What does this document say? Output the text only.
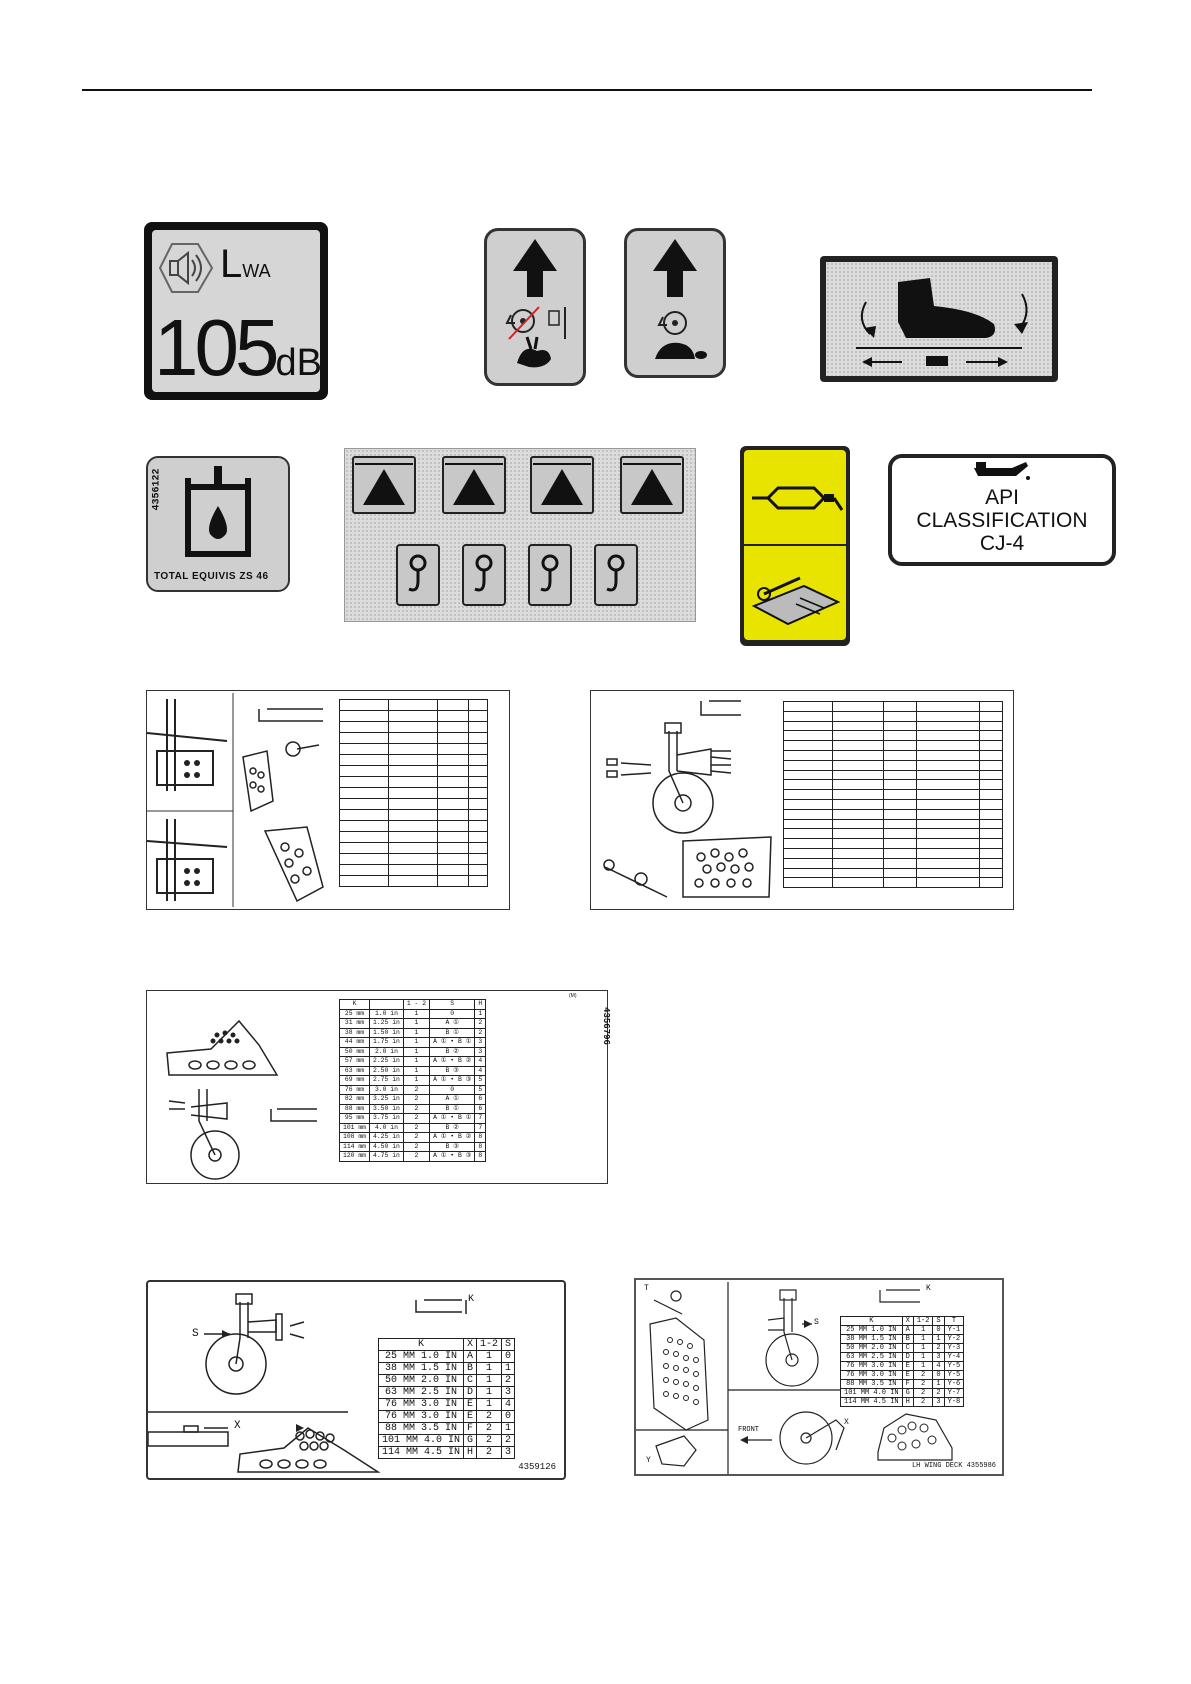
LWA
105dB
4356122
TOTAL EQUIVIS ZS 46
API
CLASSIFICATION
CJ-4

4356796
(M)
K		1 - 2	S	H
25 mm	1.0 in	1	0	1
31 mm	1.25 in	1	A ①	2
38 mm	1.50 in	1	B ①	2
44 mm	1.75 in	1	A ① • B ①	3
50 mm	2.0 in	1	B ②	3
57 mm	2.25 in	1	A ① • B ②	4
63 mm	2.50 in	1	B ③	4
69 mm	2.75 in	1	A ① • B ③	5
76 mm	3.0 in	2	0	5
82 mm	3.25 in	2	A ①	6
88 mm	3.50 in	2	B ①	6
95 mm	3.75 in	2	A ① • B ①	7
101 mm	4.0 in	2	B ②	7
108 mm	4.25 in	2	A ① • B ②	8
114 mm	4.50 in	2	B ③	8
120 mm	4.75 in	2	A ① • B ③	8
S
X
K
K	X	1-2	S
25 MM 1.0 IN	A	1	0
38 MM 1.5 IN	B	1	1
50 MM 2.0 IN	C	1	2
63 MM 2.5 IN	D	1	3
76 MM 3.0 IN	E	1	4
76 MM 3.0 IN	E	2	0
88 MM 3.5 IN	F	2	1
101 MM 4.0 IN	G	2	2
114 MM 4.5 IN	H	2	3
4359126
T
S
K
X
Y
FRONT
K	X	1-2	S	T
25 MM 1.0 IN	A	1	0	Y-1
38 MM 1.5 IN	B	1	1	Y-2
50 MM 2.0 IN	C	1	2	Y-3
63 MM 2.5 IN	D	1	3	Y-4
76 MM 3.0 IN	E	1	4	Y-5
76 MM 3.0 IN	E	2	0	Y-5
88 MM 3.5 IN	F	2	1	Y-6
101 MM 4.0 IN	G	2	2	Y-7
114 MM 4.5 IN	H	2	3	Y-8
LH WING DECK 4355986
